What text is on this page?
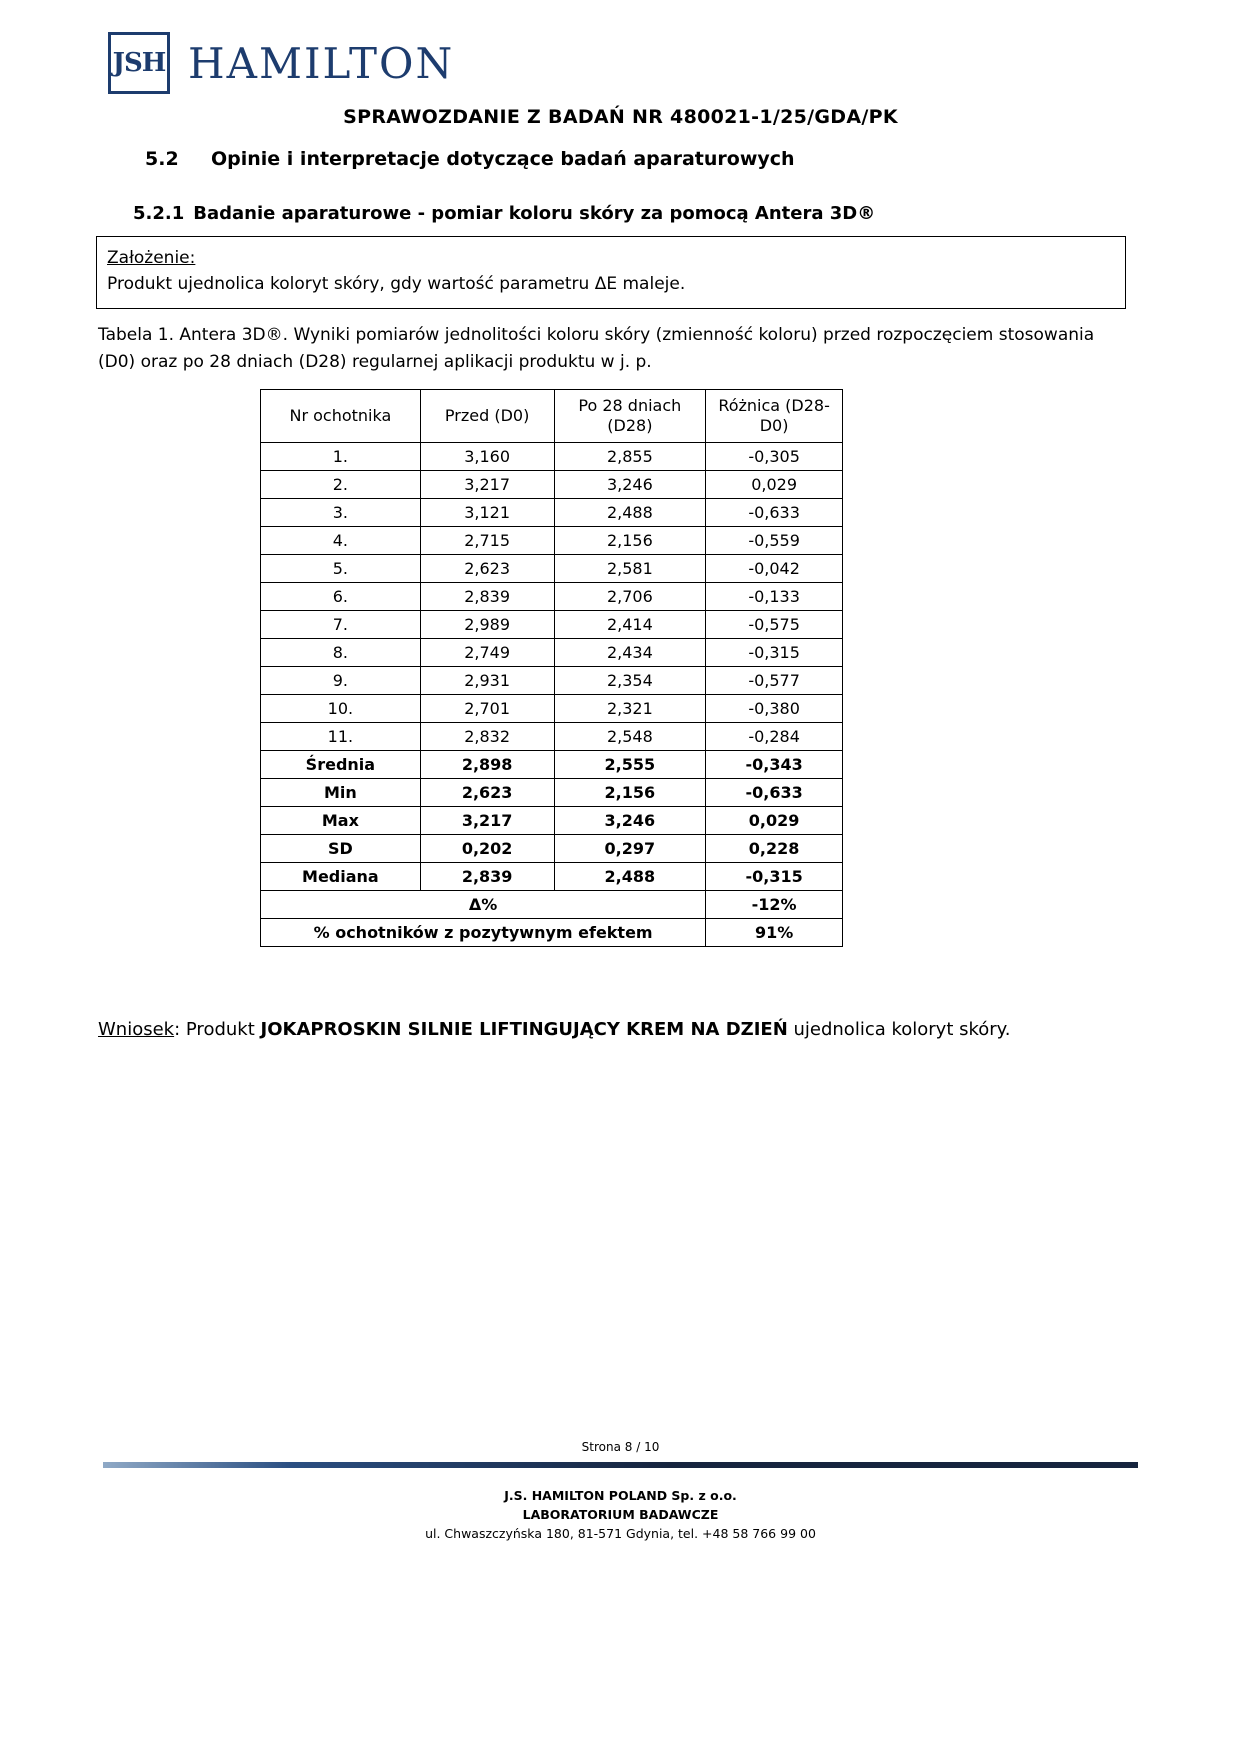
JSH HAMILTON
SPRAWOZDANIE Z BADAŃ NR 480021-1/25/GDA/PK
5.2 Opinie i interpretacje dotyczące badań aparaturowych
5.2.1 Badanie aparaturowe - pomiar koloru skóry za pomocą Antera 3D®
Założenie:
Produkt ujednolica koloryt skóry, gdy wartość parametru ΔE maleje.
Tabela 1. Antera 3D®. Wyniki pomiarów jednolitości koloru skóry (zmienność koloru) przed rozpoczęciem stosowania (D0) oraz po 28 dniach (D28) regularnej aplikacji produktu w j. p.
Nr ochotnika	Przed (D0)	Po 28 dniach (D28)	Różnica (D28-D0)
1.	3,160	2,855	-0,305
2.	3,217	3,246	0,029
3.	3,121	2,488	-0,633
4.	2,715	2,156	-0,559
5.	2,623	2,581	-0,042
6.	2,839	2,706	-0,133
7.	2,989	2,414	-0,575
8.	2,749	2,434	-0,315
9.	2,931	2,354	-0,577
10.	2,701	2,321	-0,380
11.	2,832	2,548	-0,284
Średnia	2,898	2,555	-0,343
Min	2,623	2,156	-0,633
Max	3,217	3,246	0,029
SD	0,202	0,297	0,228
Mediana	2,839	2,488	-0,315
Δ%			-12%
% ochotników z pozytywnym efektem			91%
Wniosek: Produkt JOKAPROSKIN SILNIE LIFTINGUJĄCY KREM NA DZIEŃ ujednolica koloryt skóry.
Strona 8 / 10
J.S. HAMILTON POLAND Sp. z o.o.
LABORATORIUM BADAWCZE
ul. Chwaszczyńska 180, 81-571 Gdynia, tel. +48 58 766 99 00
